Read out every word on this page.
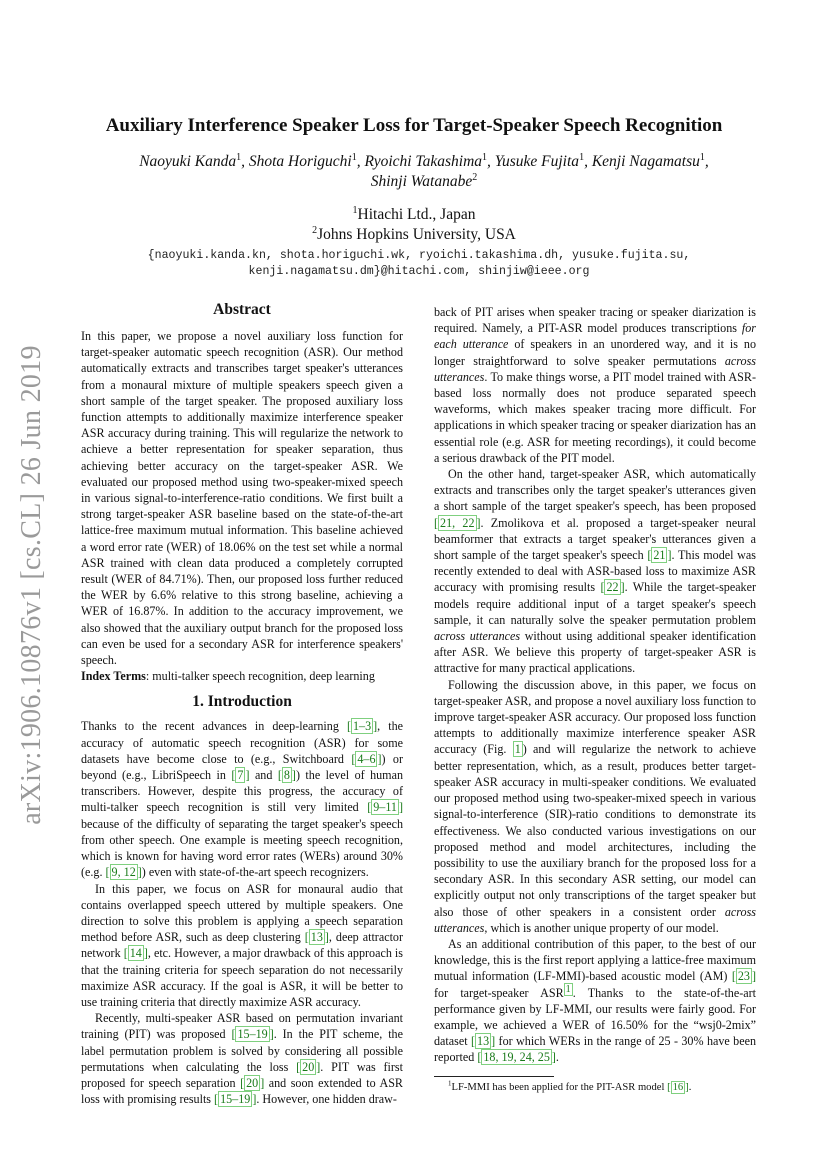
arXiv:1906.10876v1 [cs.CL] 26 Jun 2019
Auxiliary Interference Speaker Loss for Target-Speaker Speech Recognition
Naoyuki Kanda$^1$, Shota Horiguchi$^1$, Ryoichi Takashima$^1$, Yusuke Fujita$^1$, Kenji Nagamatsu$^1$,
Shinji Watanabe$^2$
$^1$Hitachi Ltd., Japan
$^2$Johns Hopkins University, USA
{naoyuki.kanda.kn, shota.horiguchi.wk, ryoichi.takashima.dh, yusuke.fujita.su,
kenji.nagamatsu.dm}@hitachi.com, shinjiw@ieee.org
Abstract

In this paper, we propose a novel auxiliary loss function for target-speaker automatic speech recognition (ASR). Our method automatically extracts and transcribes target speaker's utterances from a monaural mixture of multiple speakers speech given a short sample of the target speaker. The proposed auxiliary loss function attempts to additionally maximize interference speaker ASR accuracy during training. This will regularize the network to achieve a better representation for speaker separation, thus achieving better accuracy on the target-speaker ASR. We evaluated our proposed method using two-speaker-mixed speech in various signal-to-interference-ratio conditions. We first built a strong target-speaker ASR baseline based on the state-of-the-art lattice-free maximum mutual information. This baseline achieved a word error rate (WER) of 18.06% on the test set while a normal ASR trained with clean data produced a completely corrupted result (WER of 84.71%). Then, our proposed loss further reduced the WER by 6.6% relative to this strong baseline, achieving a WER of 16.87%. In addition to the accuracy improvement, we also showed that the auxiliary output branch for the proposed loss can even be used for a secondary ASR for interference speakers' speech.

Index Terms: multi-talker speech recognition, deep learning

1. Introduction

Thanks to the recent advances in deep-learning [ 1–3 ], the accuracy of automatic speech recognition (ASR) for some datasets have become close to (e.g., Switchboard [ 4–6 ]) or beyond (e.g., LibriSpeech in [ 7 ] and [ 8 ]) the level of human transcribers. However, despite this progress, the accuracy of multi-talker speech recognition is still very limited [ 9–11 ] because of the difficulty of separating the target speaker's speech from other speech. One example is meeting speech recognition, which is known for having word error rates (WERs) around 30% (e.g. [ 9, 12 ]) even with state-of-the-art speech recognizers.

In this paper, we focus on ASR for monaural audio that contains overlapped speech uttered by multiple speakers. One direction to solve this problem is applying a speech separation method before ASR, such as deep clustering [ 13 ], deep attractor network [ 14 ], etc. However, a major drawback of this approach is that the training criteria for speech separation do not necessarily maximize ASR accuracy. If the goal is ASR, it will be better to use training criteria that directly maximize ASR accuracy.

Recently, multi-speaker ASR based on permutation invariant training (PIT) was proposed [ 15–19 ]. In the PIT scheme, the label permutation problem is solved by considering all possible permutations when calculating the loss [ 20 ]. PIT was first proposed for speech separation [ 20 ] and soon extended to ASR loss with promising results [ 15–19 ]. However, one hidden draw-

back of PIT arises when speaker tracing or speaker diarization is required. Namely, a PIT-ASR model produces transcriptions for each utterance of speakers in an unordered way, and it is no longer straightforward to solve speaker permutations across utterances. To make things worse, a PIT model trained with ASR-based loss normally does not produce separated speech waveforms, which makes speaker tracing more difficult. For applications in which speaker tracing or speaker diarization has an essential role (e.g. ASR for meeting recordings), it could become a serious drawback of the PIT model.

On the other hand, target-speaker ASR, which automatically extracts and transcribes only the target speaker's utterances given a short sample of the target speaker's speech, has been proposed [ 21, 22 ]. Zmolikova et al. proposed a target-speaker neural beamformer that extracts a target speaker's utterances given a short sample of the target speaker's speech [ 21 ]. This model was recently extended to deal with ASR-based loss to maximize ASR accuracy with promising results [ 22 ]. While the target-speaker models require additional input of a target speaker's speech sample, it can naturally solve the speaker permutation problem across utterances without using additional speaker identification after ASR. We believe this property of target-speaker ASR is attractive for many practical applications.

Following the discussion above, in this paper, we focus on target-speaker ASR, and propose a novel auxiliary loss function to improve target-speaker ASR accuracy. Our proposed loss function attempts to additionally maximize interference speaker ASR accuracy (Fig. 1 ) and will regularize the network to achieve better representation, which, as a result, produces better target-speaker ASR accuracy in multi-speaker conditions. We evaluated our proposed method using two-speaker-mixed speech in various signal-to-interference (SIR)-ratio conditions to demonstrate its effectiveness. We also conducted various investigations on our proposed method and model architectures, including the possibility to use the auxiliary branch for the proposed loss for a secondary ASR. In this secondary ASR setting, our model can explicitly output not only transcriptions of the target speaker but also those of other speakers in a consistent order across utterances, which is another unique property of our model.

As an additional contribution of this paper, to the best of our knowledge, this is the first report applying a lattice-free maximum mutual information (LF-MMI)-based acoustic model (AM) [ 23 ] for target-speaker ASR $^1$ . Thanks to the state-of-the-art performance given by LF-MMI, our results were fairly good. For example, we achieved a WER of 16.50% for the “wsj0-2mix” dataset [ 13 ] for which WERs in the range of 25 - 30% have been reported [ 18, 19, 24, 25 ].

$^1$LF-MMI has been applied for the PIT-ASR model [ 16 ].
